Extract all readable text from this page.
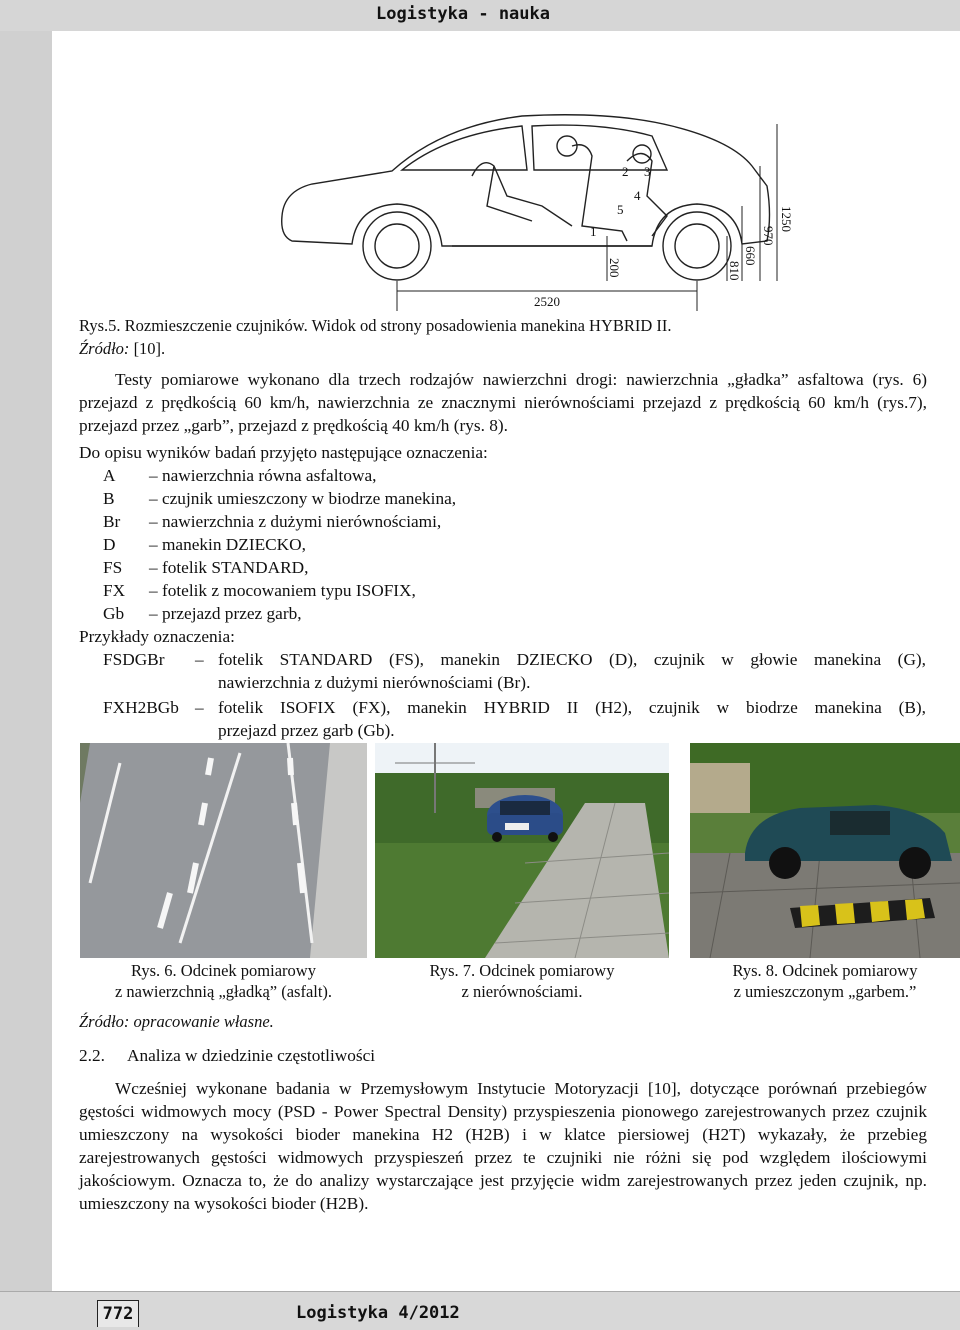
Logistyka - nauka
2520
1250
970
660
810
200
1
2 3
4
5

Rys.5. Rozmieszczenie czujników. Widok od strony posadowienia manekina HYBRID II.

Źródło: [10].

Testy pomiarowe wykonano dla trzech rodzajów nawierzchni drogi: nawierzchnia „gładka” asfaltowa (rys. 6) przejazd z prędkością 60 km/h, nawierzchnia ze znacznymi nierównościami przejazd z prędkością 60 km/h (rys.7), przejazd przez „garb”, przejazd z prędkością 40 km/h (rys. 8).

Do opisu wyników badań przyjęto następujące oznaczenia:

A – nawierzchnia równa asfaltowa,
B – czujnik umieszczony w biodrze manekina,
Br – nawierzchnia z dużymi nierównościami,
D – manekin DZIECKO,
FS – fotelik STANDARD,
FX – fotelik z mocowaniem typu ISOFIX,
Gb – przejazd przez garb,

Przykłady oznaczenia:

FSDGBr – fotelik STANDARD (FS), manekin DZIECKO (D), czujnik w głowie manekina (G),
nawierzchnia z dużymi nierównościami (Br).
FXH2BGb – fotelik ISOFIX (FX), manekin HYBRID II (H2), czujnik w biodrze manekina (B),
przejazd przez garb (Gb).
Rys. 6. Odcinek pomiarowy
z nawierzchnią „gładką” (asfalt).
Rys. 7. Odcinek pomiarowy
z nierównościami.
Rys. 8. Odcinek pomiarowy
z umieszczonym „garbem.”

Źródło: opracowanie własne.

2.2. Analiza w dziedzinie częstotliwości

Wcześniej wykonane badania w Przemysłowym Instytucie Motoryzacji [10], dotyczące porównań przebiegów gęstości widmowych mocy (PSD - Power Spectral Density) przyspieszenia pionowego zarejestrowanych przez czujnik umieszczony na wysokości bioder manekina H2 (H2B) i w klatce piersiowej (H2T) wykazały, że przebieg zarejestrowanych gęstości widmowych przyspieszeń przez te czujniki nie różni się pod względem ilościowymi jakościowym. Oznacza to, że do analizy wystarczające jest przyjęcie widm zarejestrowanych przez jeden czujnik, np. umieszczony na wysokości bioder (H2B).

772	Logistyka 4/2012
